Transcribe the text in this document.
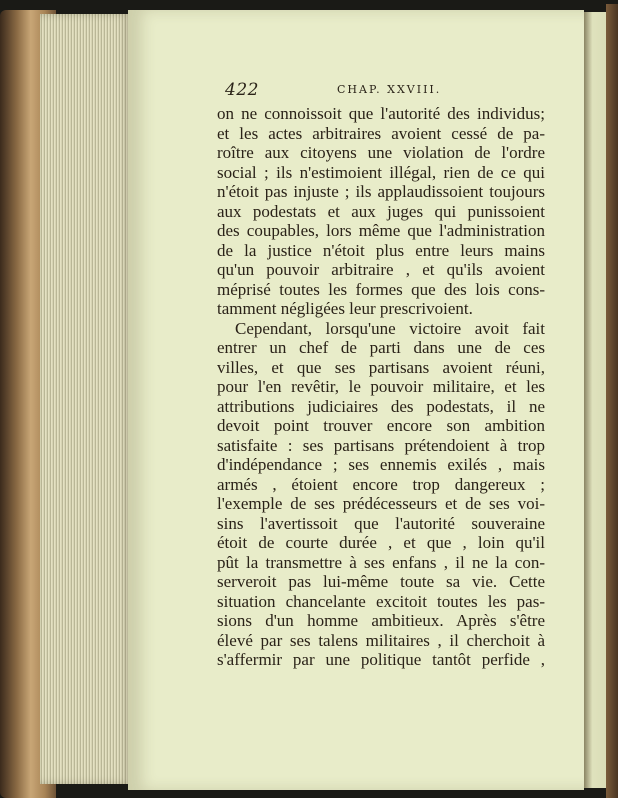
422	CHAP. XXVIII.
on ne connoissoit que l'autorité des individus;
et les actes arbitraires avoient cessé de pa-
roître aux citoyens une violation de l'ordre
social ; ils n'estimoient illégal, rien de ce qui
n'étoit pas injuste ; ils applaudissoient toujours
aux podestats et aux juges qui punissoient
des coupables, lors même que l'administration
de la justice n'étoit plus entre leurs mains
qu'un pouvoir arbitraire , et qu'ils avoient
méprisé toutes les formes que des lois cons-
tamment négligées leur prescrivoient.
Cependant, lorsqu'une victoire avoit fait
entrer un chef de parti dans une de ces
villes, et que ses partisans avoient réuni,
pour l'en revêtir, le pouvoir militaire, et les
attributions judiciaires des podestats, il ne
devoit point trouver encore son ambition
satisfaite : ses partisans prétendoient à trop
d'indépendance ; ses ennemis exilés , mais
armés , étoient encore trop dangereux ;
l'exemple de ses prédécesseurs et de ses voi-
sins l'avertissoit que l'autorité souveraine
étoit de courte durée , et que , loin qu'il
pût la transmettre à ses enfans , il ne la con-
serveroit pas lui-même toute sa vie. Cette
situation chancelante excitoit toutes les pas-
sions d'un homme ambitieux. Après s'être
élevé par ses talens militaires , il cherchoit à
s'affermir par une politique tantôt perfide ,
